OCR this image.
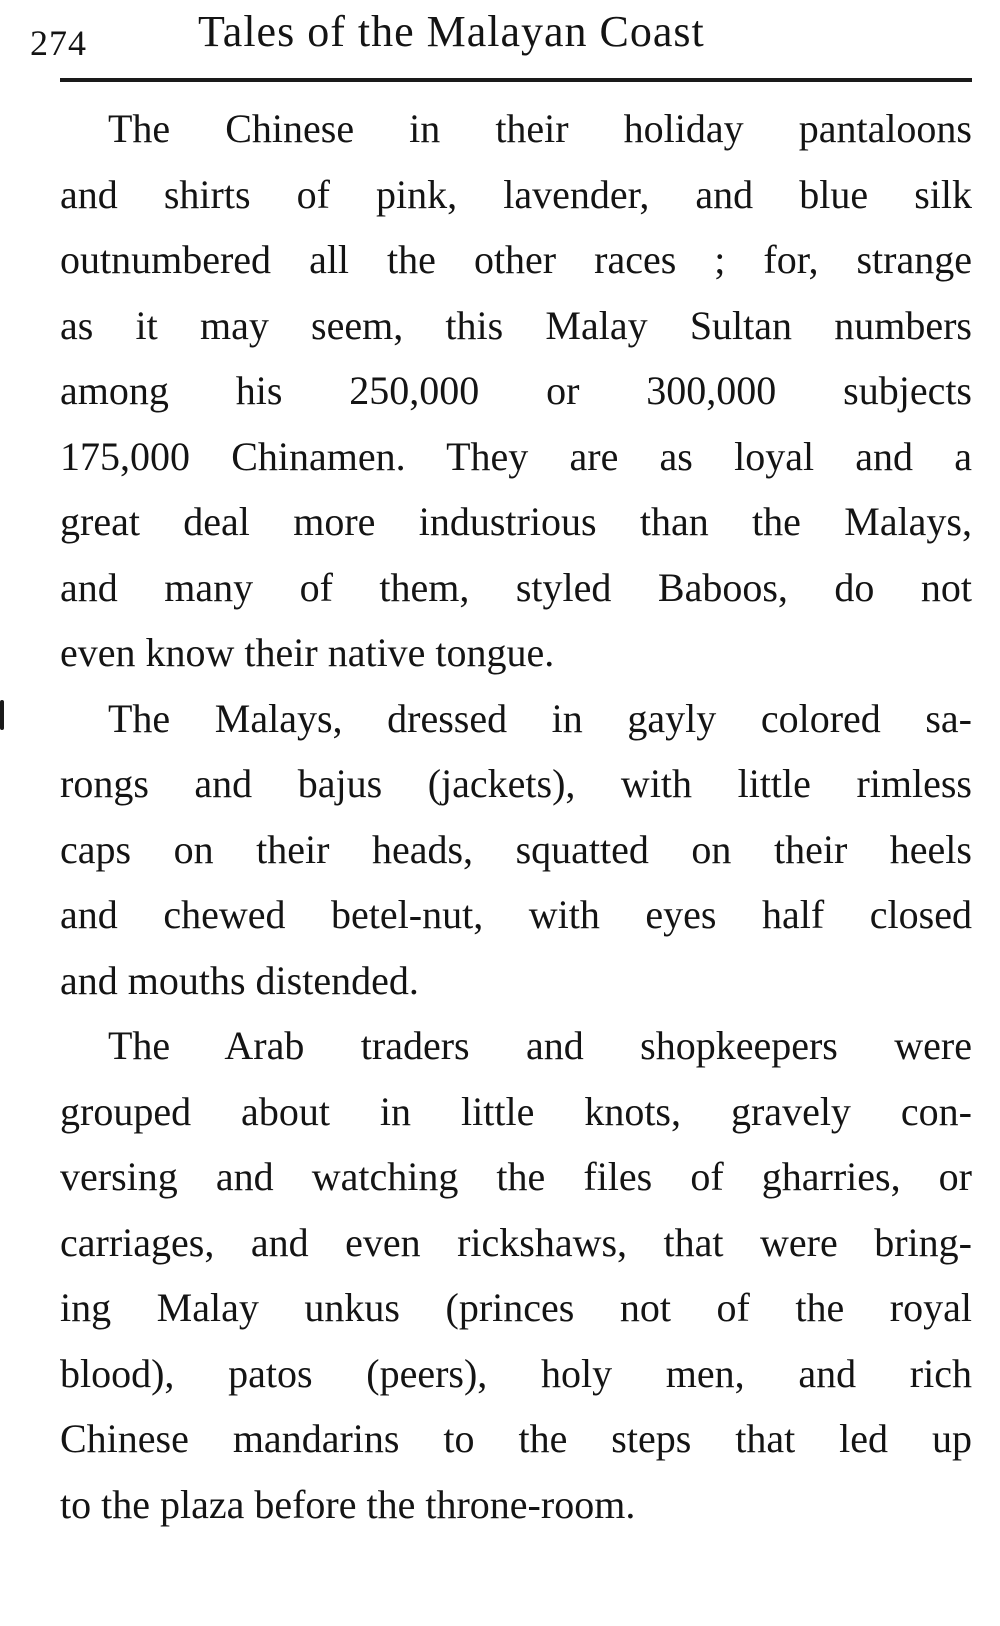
274	Tales of the Malayan Coast
The Chinese in their holiday pantaloons
and shirts of pink, lavender, and blue silk
outnumbered all the other races ; for, strange
as it may seem, this Malay Sultan numbers
among his 250,000 or 300,000 subjects
175,000 Chinamen. They are as loyal and a
great deal more industrious than the Malays,
and many of them, styled Baboos, do not
even know their native tongue.
The Malays, dressed in gayly colored sa-
rongs and bajus (jackets), with little rimless
caps on their heads, squatted on their heels
and chewed betel-nut, with eyes half closed
and mouths distended.
The Arab traders and shopkeepers were
grouped about in little knots, gravely con-
versing and watching the files of gharries, or
carriages, and even rickshaws, that were bring-
ing Malay unkus (princes not of the royal
blood), patos (peers), holy men, and rich
Chinese mandarins to the steps that led up
to the plaza before the throne-room.
